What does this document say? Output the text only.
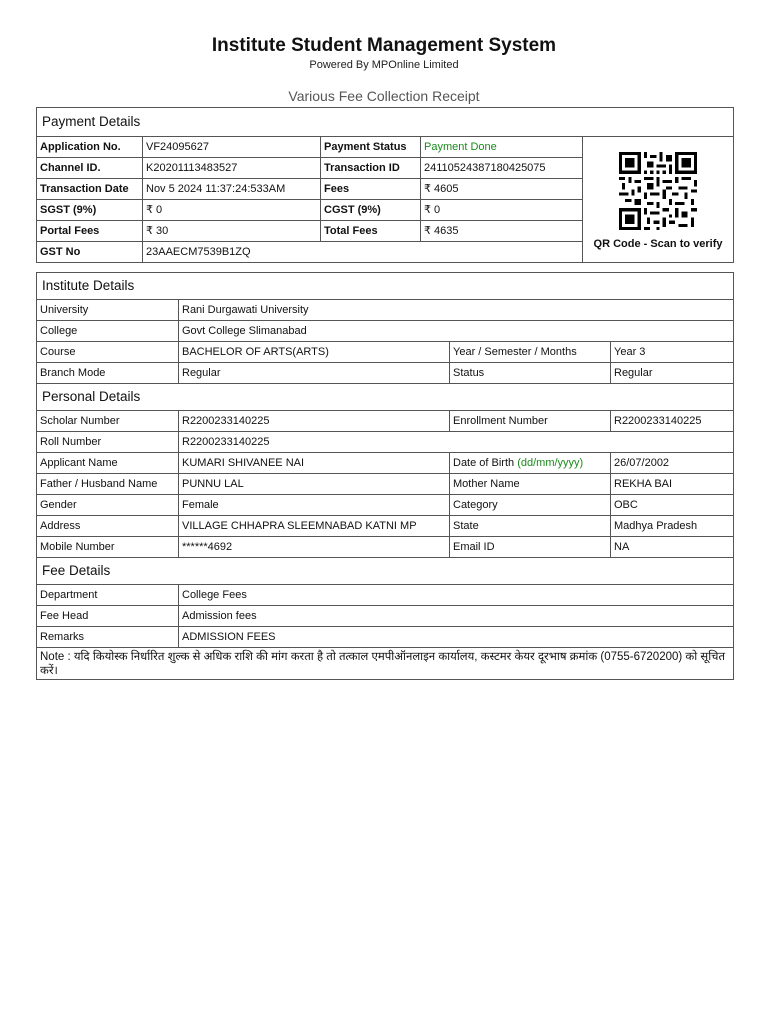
Institute Student Management System
Powered By MPOnline Limited
Various Fee Collection Receipt
Payment Details				
Application No.	VF24095627	Payment Status	Payment Done	QR Code - Scan to verify

Channel ID.	K20201113483527	Transaction ID	24110524387180425075	
Transaction Date	Nov 5 2024 11:37:24:533AM	Fees	₹ 4605	
SGST (9%)	₹ 0	CGST (9%)	₹ 0	
Portal Fees	₹ 30	Total Fees	₹ 4635	
GST No	23AAECM7539B1ZQ			
Institute Details			
University	Rani Durgawati University		
College	Govt College Slimanabad		
Course	BACHELOR OF ARTS(ARTS)	Year / Semester / Months	Year 3
Branch Mode	Regular	Status	Regular
Personal Details			
Scholar Number	R2200233140225	Enrollment Number	R2200233140225
Roll Number	R2200233140225		
Applicant Name	KUMARI SHIVANEE NAI	Date of Birth (dd/mm/yyyy)	26/07/2002
Father / Husband Name	PUNNU LAL	Mother Name	REKHA BAI
Gender	Female	Category	OBC
Address	VILLAGE CHHAPRA SLEEMNABAD KATNI MP	State	Madhya Pradesh
Mobile Number	******4692	Email ID	NA
Fee Details			
Department	College Fees		
Fee Head	Admission fees		
Remarks	ADMISSION FEES		
Note : यदि कियोस्क निर्धारित शुल्क से अधिक राशि की मांग करता है तो तत्काल एमपीऑनलाइन कार्यालय, कस्टमर केयर दूरभाष क्रमांक (0755-6720200) को सूचित करें।			
